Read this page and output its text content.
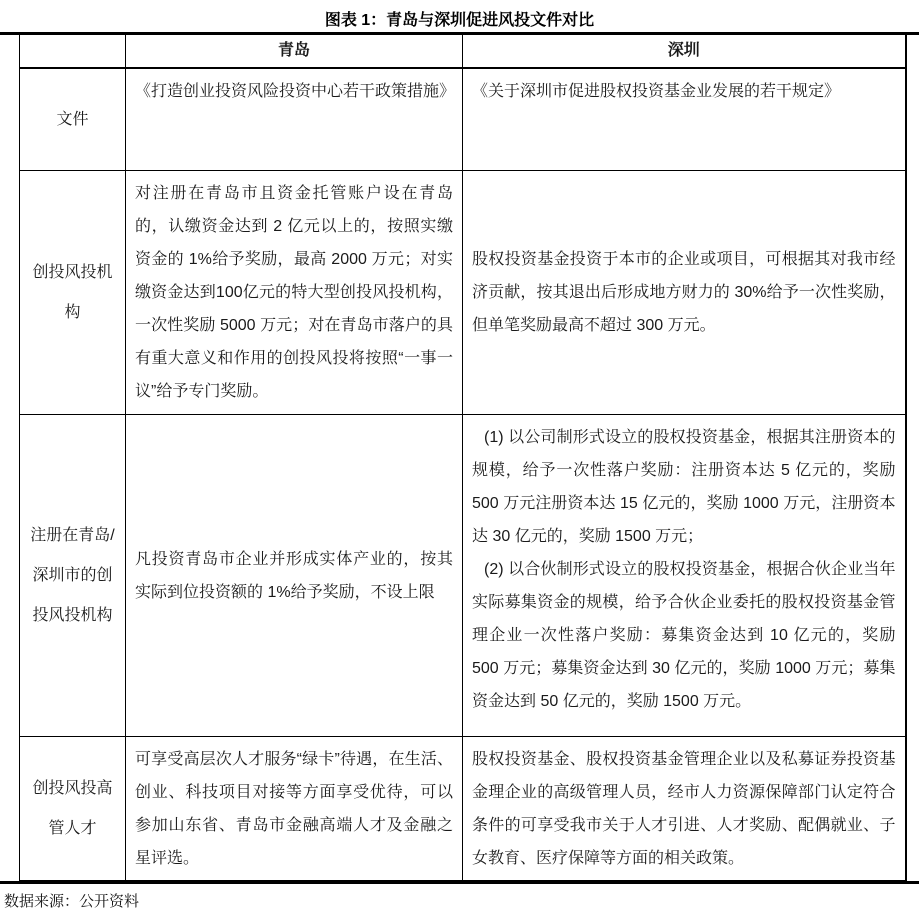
图表 1：青岛与深圳促进风投文件对比
	青岛	深圳
文件	《打造创业投资风险投资中心若干政策措施》	《关于深圳市促进股权投资基金业发展的若干规定》
创投风投机构	对注册在青岛市且资金托管账户设在青岛的，认缴资金达到 2 亿元以上的，按照实缴资金的 1%给予奖励，最高 2000 万元；对实缴资金达到100亿元的特大型创投风投机构，一次性奖励 5000 万元；对在青岛市落户的具有重大意义和作用的创投风投将按照“一事一议”给予专门奖励。	股权投资基金投资于本市的企业或项目，可根据其对我市经济贡献，按其退出后形成地方财力的 30%给予一次性奖励，但单笔奖励最高不超过 300 万元。
注册在青岛/深圳市的创投风投机构	凡投资青岛市企业并形成实体产业的，按其实际到位投资额的 1%给予奖励，不设上限	(1) 以公司制形式设立的股权投资基金，根据其注册资本的规模，给予一次性落户奖励：注册资本达 5 亿元的，奖励 500 万元注册资本达 15 亿元的，奖励 1000 万元，注册资本达 30 亿元的，奖励 1500 万元；

(2) 以合伙制形式设立的股权投资基金，根据合伙企业当年实际募集资金的规模，给予合伙企业委托的股权投资基金管理企业一次性落户奖励：募集资金达到 10 亿元的，奖励 500 万元；募集资金达到 30 亿元的，奖励 1000 万元；募集资金达到 50 亿元的，奖励 1500 万元。

创投风投高管人才	可享受高层次人才服务“绿卡”待遇，在生活、创业、科技项目对接等方面享受优待，可以参加山东省、青岛市金融高端人才及金融之星评选。	股权投资基金、股权投资基金管理企业以及私募证券投资基金理企业的高级管理人员，经市人力资源保障部门认定符合条件的可享受我市关于人才引进、人才奖励、配偶就业、子女教育、医疗保障等方面的相关政策。
数据来源：公开资料
